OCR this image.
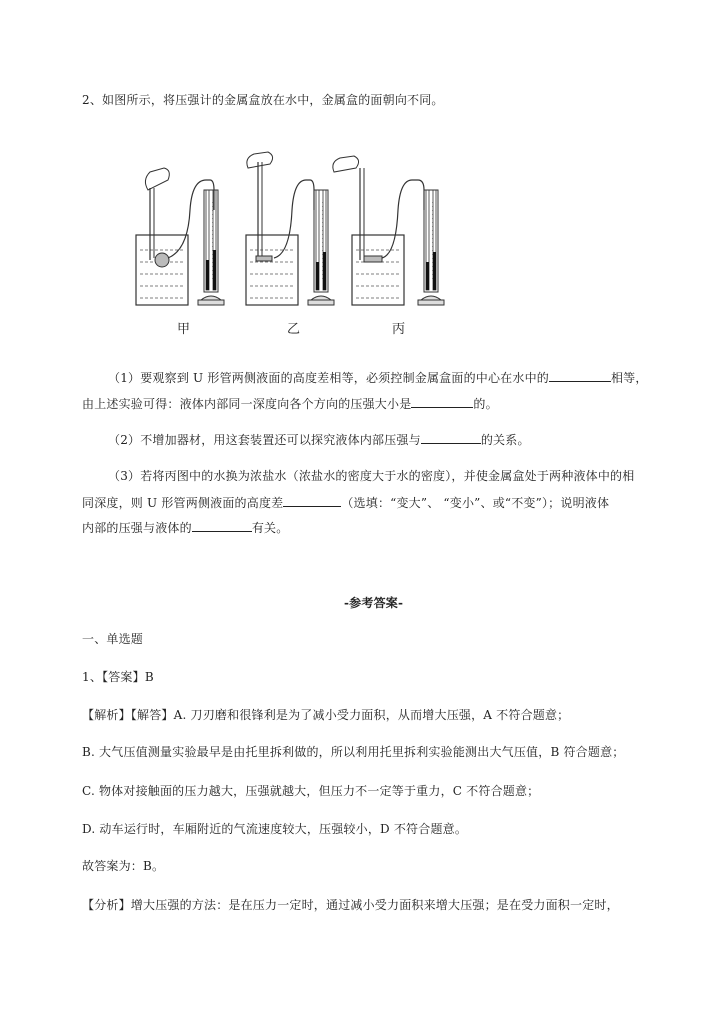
2、如图所示，将压强计的金属盒放在水中，金属盒的面朝向不同。
甲	乙	丙
（1）要观察到 U 形管两侧液面的高度差相等，必须控制金属盒面的中心在水中的	相等，
由上述实验可得：液体内部同一深度向各个方向的压强大小是	的。
（2）不增加器材，用这套装置还可以探究液体内部压强与	的关系。
（3）若将丙图中的水换为浓盐水（浓盐水的密度大于水的密度），并使金属盒处于两种液体中的相
同深度，则 U 形管两侧液面的高度差	（选填：“变大”、 “变小”、或“不变”）；说明液体
内部的压强与液体的	有关。
-参考答案-
一、单选题
1、【答案】B
【解析】【解答】A. 刀刃磨和很锋利是为了减小受力面积，从而增大压强，A 不符合题意；
B. 大气压值测量实验最早是由托里拆利做的，所以利用托里拆利实验能测出大气压值，B 符合题意；
C. 物体对接触面的压力越大，压强就越大，但压力不一定等于重力，C 不符合题意；
D. 动车运行时，车厢附近的气流速度较大，压强较小，D 不符合题意。
故答案为：B。
【分析】增大压强的方法：是在压力一定时，通过减小受力面积来增大压强；是在受力面积一定时，
